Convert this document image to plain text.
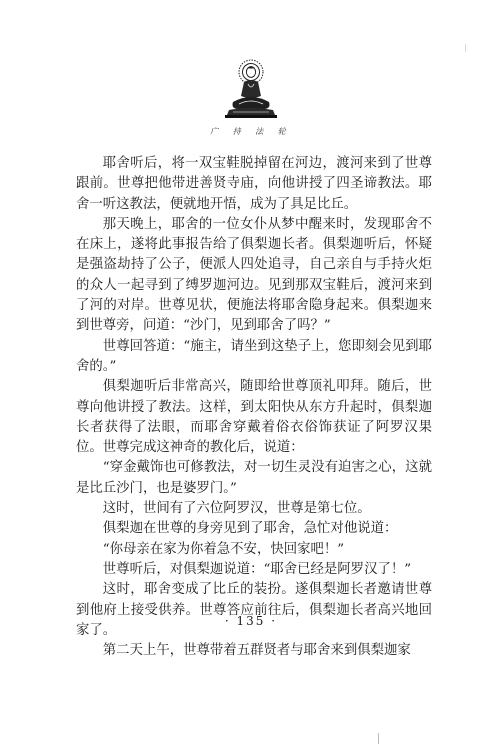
广 持 法 轮

耶舍听后，将一双宝鞋脱掉留在河边，渡河来到了世尊跟前。世尊把他带进善贤寺庙，向他讲授了四圣谛教法。耶舍一听这教法，便就地开悟，成为了具足比丘。

那天晚上，耶舍的一位女仆从梦中醒来时，发现耶舍不在床上，遂将此事报告给了俱梨迦长者。俱梨迦听后，怀疑是强盗劫持了公子，便派人四处追寻，自己亲自与手持火炬的众人一起寻到了缚罗迦河边。见到那双宝鞋后，渡河来到了河的对岸。世尊见状，便施法将耶舍隐身起来。俱梨迦来到世尊旁，问道：“沙门，见到耶舍了吗？”

世尊回答道：“施主，请坐到这垫子上，您即刻会见到耶舍的。”

俱梨迦听后非常高兴，随即给世尊顶礼叩拜。随后，世尊向他讲授了教法。这样，到太阳快从东方升起时，俱梨迦长者获得了法眼，而耶舍穿戴着俗衣俗饰获证了阿罗汉果位。世尊完成这神奇的教化后，说道：

“穿金戴饰也可修教法，对一切生灵没有迫害之心，这就是比丘沙门，也是婆罗门。”

这时，世间有了六位阿罗汉，世尊是第七位。

俱梨迦在世尊的身旁见到了耶舍，急忙对他说道：

“你母亲在家为你着急不安，快回家吧！”

世尊听后，对俱梨迦说道：“耶舍已经是阿罗汉了！”

这时，耶舍变成了比丘的装扮。遂俱梨迦长者邀请世尊到他府上接受供养。世尊答应前往后，俱梨迦长者高兴地回家了。

第二天上午，世尊带着五群贤者与耶舍来到俱梨迦家

· 135 ·
